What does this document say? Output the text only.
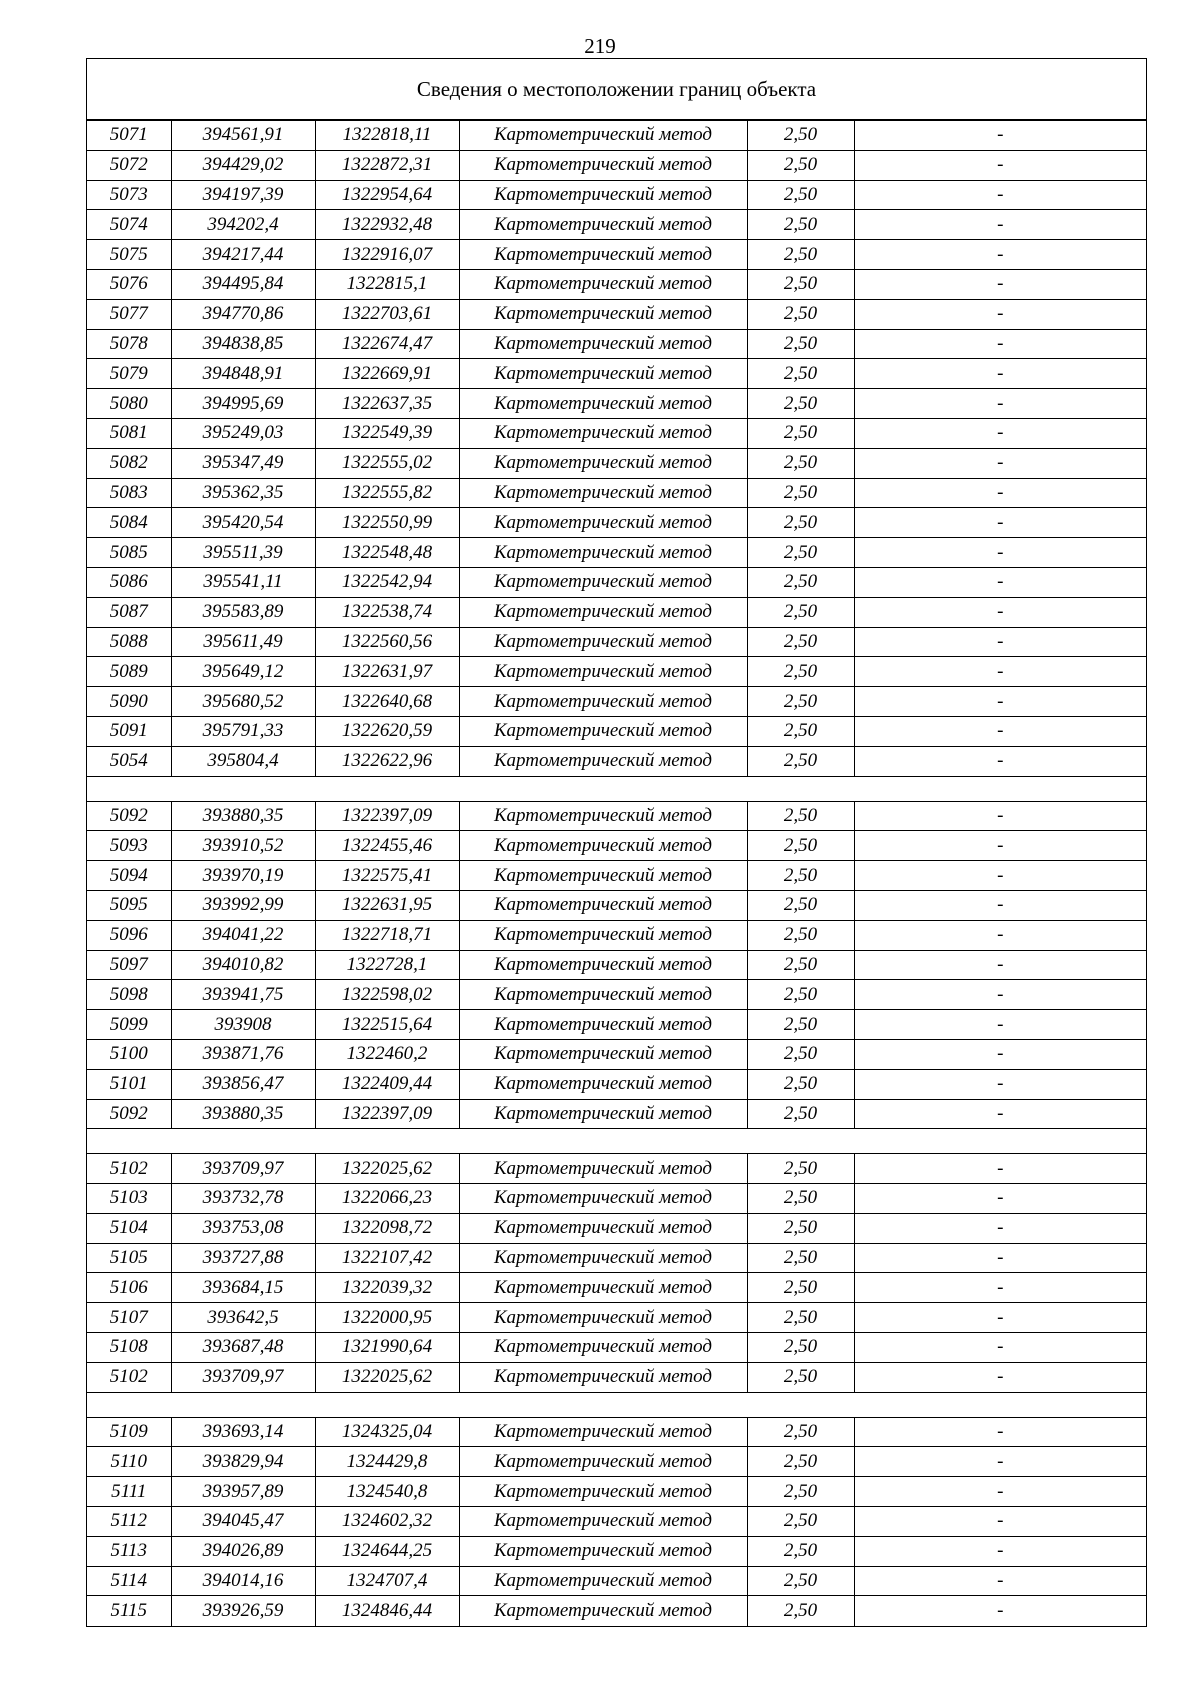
219
Сведения о местоположении границ объекта
5071	394561,91	1322818,11	Картометрический метод	2,50	-
5072	394429,02	1322872,31	Картометрический метод	2,50	-
5073	394197,39	1322954,64	Картометрический метод	2,50	-
5074	394202,4	1322932,48	Картометрический метод	2,50	-
5075	394217,44	1322916,07	Картометрический метод	2,50	-
5076	394495,84	1322815,1	Картометрический метод	2,50	-
5077	394770,86	1322703,61	Картометрический метод	2,50	-
5078	394838,85	1322674,47	Картометрический метод	2,50	-
5079	394848,91	1322669,91	Картометрический метод	2,50	-
5080	394995,69	1322637,35	Картометрический метод	2,50	-
5081	395249,03	1322549,39	Картометрический метод	2,50	-
5082	395347,49	1322555,02	Картометрический метод	2,50	-
5083	395362,35	1322555,82	Картометрический метод	2,50	-
5084	395420,54	1322550,99	Картометрический метод	2,50	-
5085	395511,39	1322548,48	Картометрический метод	2,50	-
5086	395541,11	1322542,94	Картометрический метод	2,50	-
5087	395583,89	1322538,74	Картометрический метод	2,50	-
5088	395611,49	1322560,56	Картометрический метод	2,50	-
5089	395649,12	1322631,97	Картометрический метод	2,50	-
5090	395680,52	1322640,68	Картометрический метод	2,50	-
5091	395791,33	1322620,59	Картометрический метод	2,50	-
5054	395804,4	1322622,96	Картометрический метод	2,50	-

5092	393880,35	1322397,09	Картометрический метод	2,50	-
5093	393910,52	1322455,46	Картометрический метод	2,50	-
5094	393970,19	1322575,41	Картометрический метод	2,50	-
5095	393992,99	1322631,95	Картометрический метод	2,50	-
5096	394041,22	1322718,71	Картометрический метод	2,50	-
5097	394010,82	1322728,1	Картометрический метод	2,50	-
5098	393941,75	1322598,02	Картометрический метод	2,50	-
5099	393908	1322515,64	Картометрический метод	2,50	-
5100	393871,76	1322460,2	Картометрический метод	2,50	-
5101	393856,47	1322409,44	Картометрический метод	2,50	-
5092	393880,35	1322397,09	Картометрический метод	2,50	-

5102	393709,97	1322025,62	Картометрический метод	2,50	-
5103	393732,78	1322066,23	Картометрический метод	2,50	-
5104	393753,08	1322098,72	Картометрический метод	2,50	-
5105	393727,88	1322107,42	Картометрический метод	2,50	-
5106	393684,15	1322039,32	Картометрический метод	2,50	-
5107	393642,5	1322000,95	Картометрический метод	2,50	-
5108	393687,48	1321990,64	Картометрический метод	2,50	-
5102	393709,97	1322025,62	Картометрический метод	2,50	-

5109	393693,14	1324325,04	Картометрический метод	2,50	-
5110	393829,94	1324429,8	Картометрический метод	2,50	-
5111	393957,89	1324540,8	Картометрический метод	2,50	-
5112	394045,47	1324602,32	Картометрический метод	2,50	-
5113	394026,89	1324644,25	Картометрический метод	2,50	-
5114	394014,16	1324707,4	Картометрический метод	2,50	-
5115	393926,59	1324846,44	Картометрический метод	2,50	-
